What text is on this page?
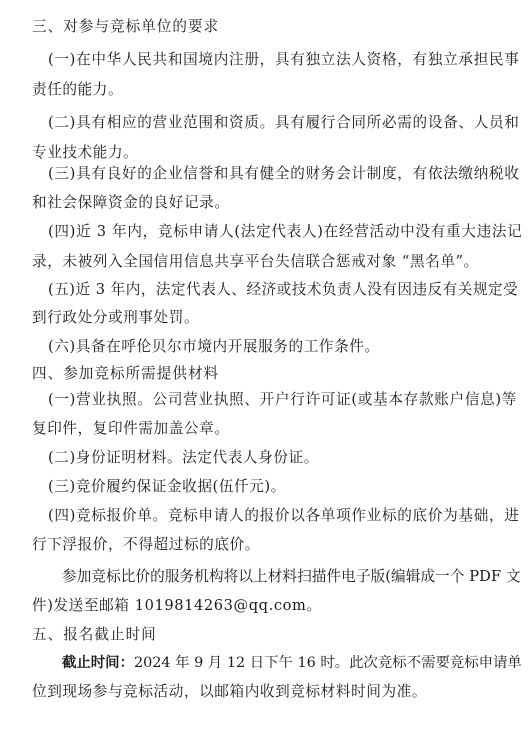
三、对参与竞标单位的要求

(一)在中华人民共和国境内注册，具有独立法人资格，有独立承担民事

责任的能力。

(二)具有相应的营业范围和资质。具有履行合同所必需的设备、人员和

专业技术能力。

(三)具有良好的企业信誉和具有健全的财务会计制度，有依法缴纳税收

和社会保障资金的良好记录。

(四)近 3 年内，竞标申请人(法定代表人)在经营活动中没有重大违法记

录，未被列入全国信用信息共享平台失信联合惩戒对象 “黑名单”。

(五)近 3 年内，法定代表人、经济或技术负责人没有因违反有关规定受

到行政处分或刑事处罚。

(六)具备在呼伦贝尔市境内开展服务的工作条件。

四、参加竞标所需提供材料

(一)营业执照。公司营业执照、开户行许可证(或基本存款账户信息)等

复印件，复印件需加盖公章。

(二)身份证明材料。法定代表人身份证。

(三)竞价履约保证金收据(伍仟元)。

(四)竞标报价单。竞标申请人的报价以各单项作业标的底价为基础，进

行下浮报价，不得超过标的底价。

参加竞标比价的服务机构将以上材料扫描件电子版(编辑成一个 PDF 文

件)发送至邮箱 1019814263@qq.com。

五、报名截止时间

截止时间：2024 年 9 月 12 日下午 16 时。此次竞标不需要竞标申请单

位到现场参与竞标活动，以邮箱内收到竞标材料时间为准。
